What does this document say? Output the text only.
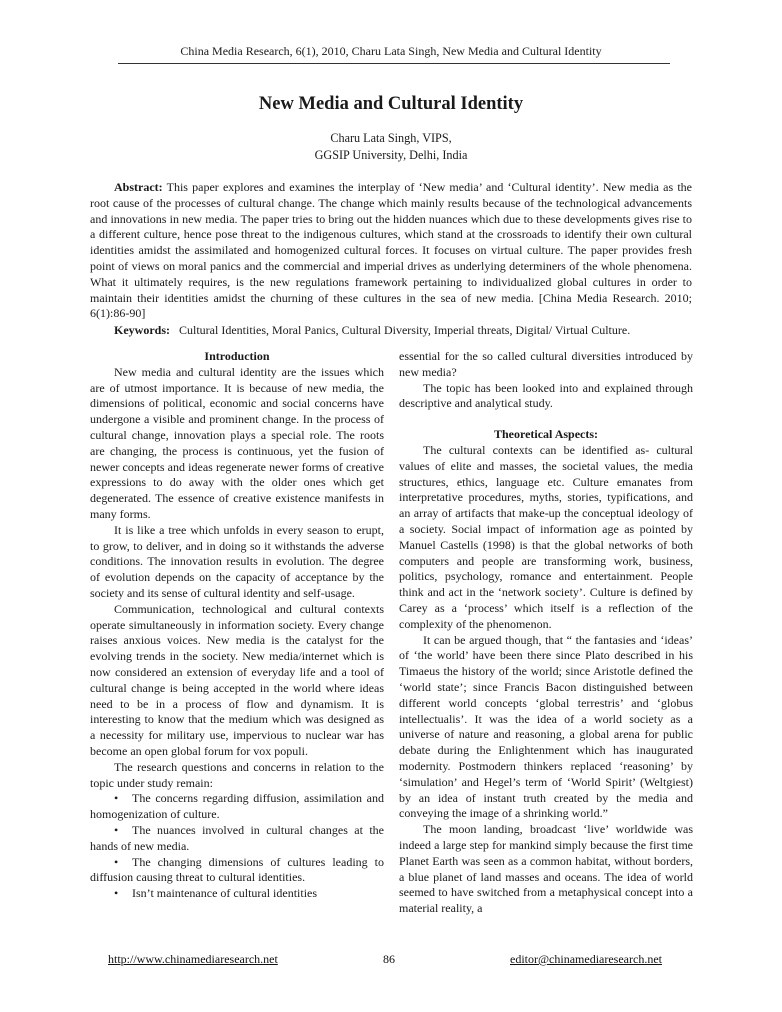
China Media Research, 6(1), 2010, Charu Lata Singh, New Media and Cultural Identity
New Media and Cultural Identity
Charu Lata Singh, VIPS,
GGSIP University, Delhi, India

Abstract: This paper explores and examines the interplay of ‘New media’ and ‘Cultural identity’. New media as the root cause of the processes of cultural change. The change which mainly results because of the technological advancements and innovations in new media. The paper tries to bring out the hidden nuances which due to these developments gives rise to a different culture, hence pose threat to the indigenous cultures, which stand at the crossroads to identify their own cultural identities amidst the assimilated and homogenized cultural forces. It focuses on virtual culture. The paper provides fresh point of views on moral panics and the commercial and imperial drives as underlying determiners of the whole phenomena. What it ultimately requires, is the new regulations framework pertaining to individualized global cultures in order to maintain their identities amidst the churning of these cultures in the sea of new media. [China Media Research. 2010; 6(1):86-90]

Keywords: Cultural Identities, Moral Panics, Cultural Diversity, Imperial threats, Digital/ Virtual Culture.
Introduction

New media and cultural identity are the issues which are of utmost importance. It is because of new media, the dimensions of political, economic and social concerns have undergone a visible and prominent change. In the process of cultural change, innovation plays a special role. The roots are changing, the process is continuous, yet the fusion of newer concepts and ideas regenerate newer forms of creative expressions to do away with the older ones which get degenerated. The essence of creative existence manifests in many forms.

It is like a tree which unfolds in every season to erupt, to grow, to deliver, and in doing so it withstands the adverse conditions. The innovation results in evolution. The degree of evolution depends on the capacity of acceptance by the society and its sense of cultural identity and self-usage.

Communication, technological and cultural contexts operate simultaneously in information society. Every change raises anxious voices. New media is the catalyst for the evolving trends in the society. New media/internet which is now considered an extension of everyday life and a tool of cultural change is being accepted in the world where ideas need to be in a process of flow and dynamism. It is interesting to know that the medium which was designed as a necessity for military use, impervious to nuclear war has become an open global forum for vox populi.

The research questions and concerns in relation to the topic under study remain:

• The concerns regarding diffusion, assimilation and homogenization of culture.
• The nuances involved in cultural changes at the hands of new media.
• The changing dimensions of cultures leading to diffusion causing threat to cultural identities.
• Isn’t maintenance of cultural identities

essential for the so called cultural diversities introduced by new media?

The topic has been looked into and explained through descriptive and analytical study.

Theoretical Aspects:

The cultural contexts can be identified as- cultural values of elite and masses, the societal values, the media structures, ethics, language etc. Culture emanates from interpretative procedures, myths, stories, typifications, and an array of artifacts that make-up the conceptual ideology of a society. Social impact of information age as pointed by Manuel Castells (1998) is that the global networks of both computers and people are transforming work, business, politics, psychology, romance and entertainment. People think and act in the ‘network society’. Culture is defined by Carey as a ‘process’ which itself is a reflection of the complexity of the phenomenon.

It can be argued though, that “ the fantasies and ‘ideas’ of ‘the world’ have been there since Plato described in his Timaeus the history of the world; since Aristotle defined the ‘world state’; since Francis Bacon distinguished between different world concepts ‘global terrestris’ and ‘globus intellectualis’. It was the idea of a world society as a universe of nature and reasoning, a global arena for public debate during the Enlightenment which has inaugurated modernity. Postmodern thinkers replaced ‘reasoning’ by ‘simulation’ and Hegel’s term of ‘World Spirit’ (Weltgiest) by an idea of instant truth created by the media and conveying the image of a shrinking world.”

The moon landing, broadcast ‘live’ worldwide was indeed a large step for mankind simply because the first time Planet Earth was seen as a common habitat, without borders, a blue planet of land masses and oceans. The idea of world seemed to have switched from a metaphysical concept into a material reality, a

http://www.chinamediaresearch.net	86	editor@chinamediaresearch.net
